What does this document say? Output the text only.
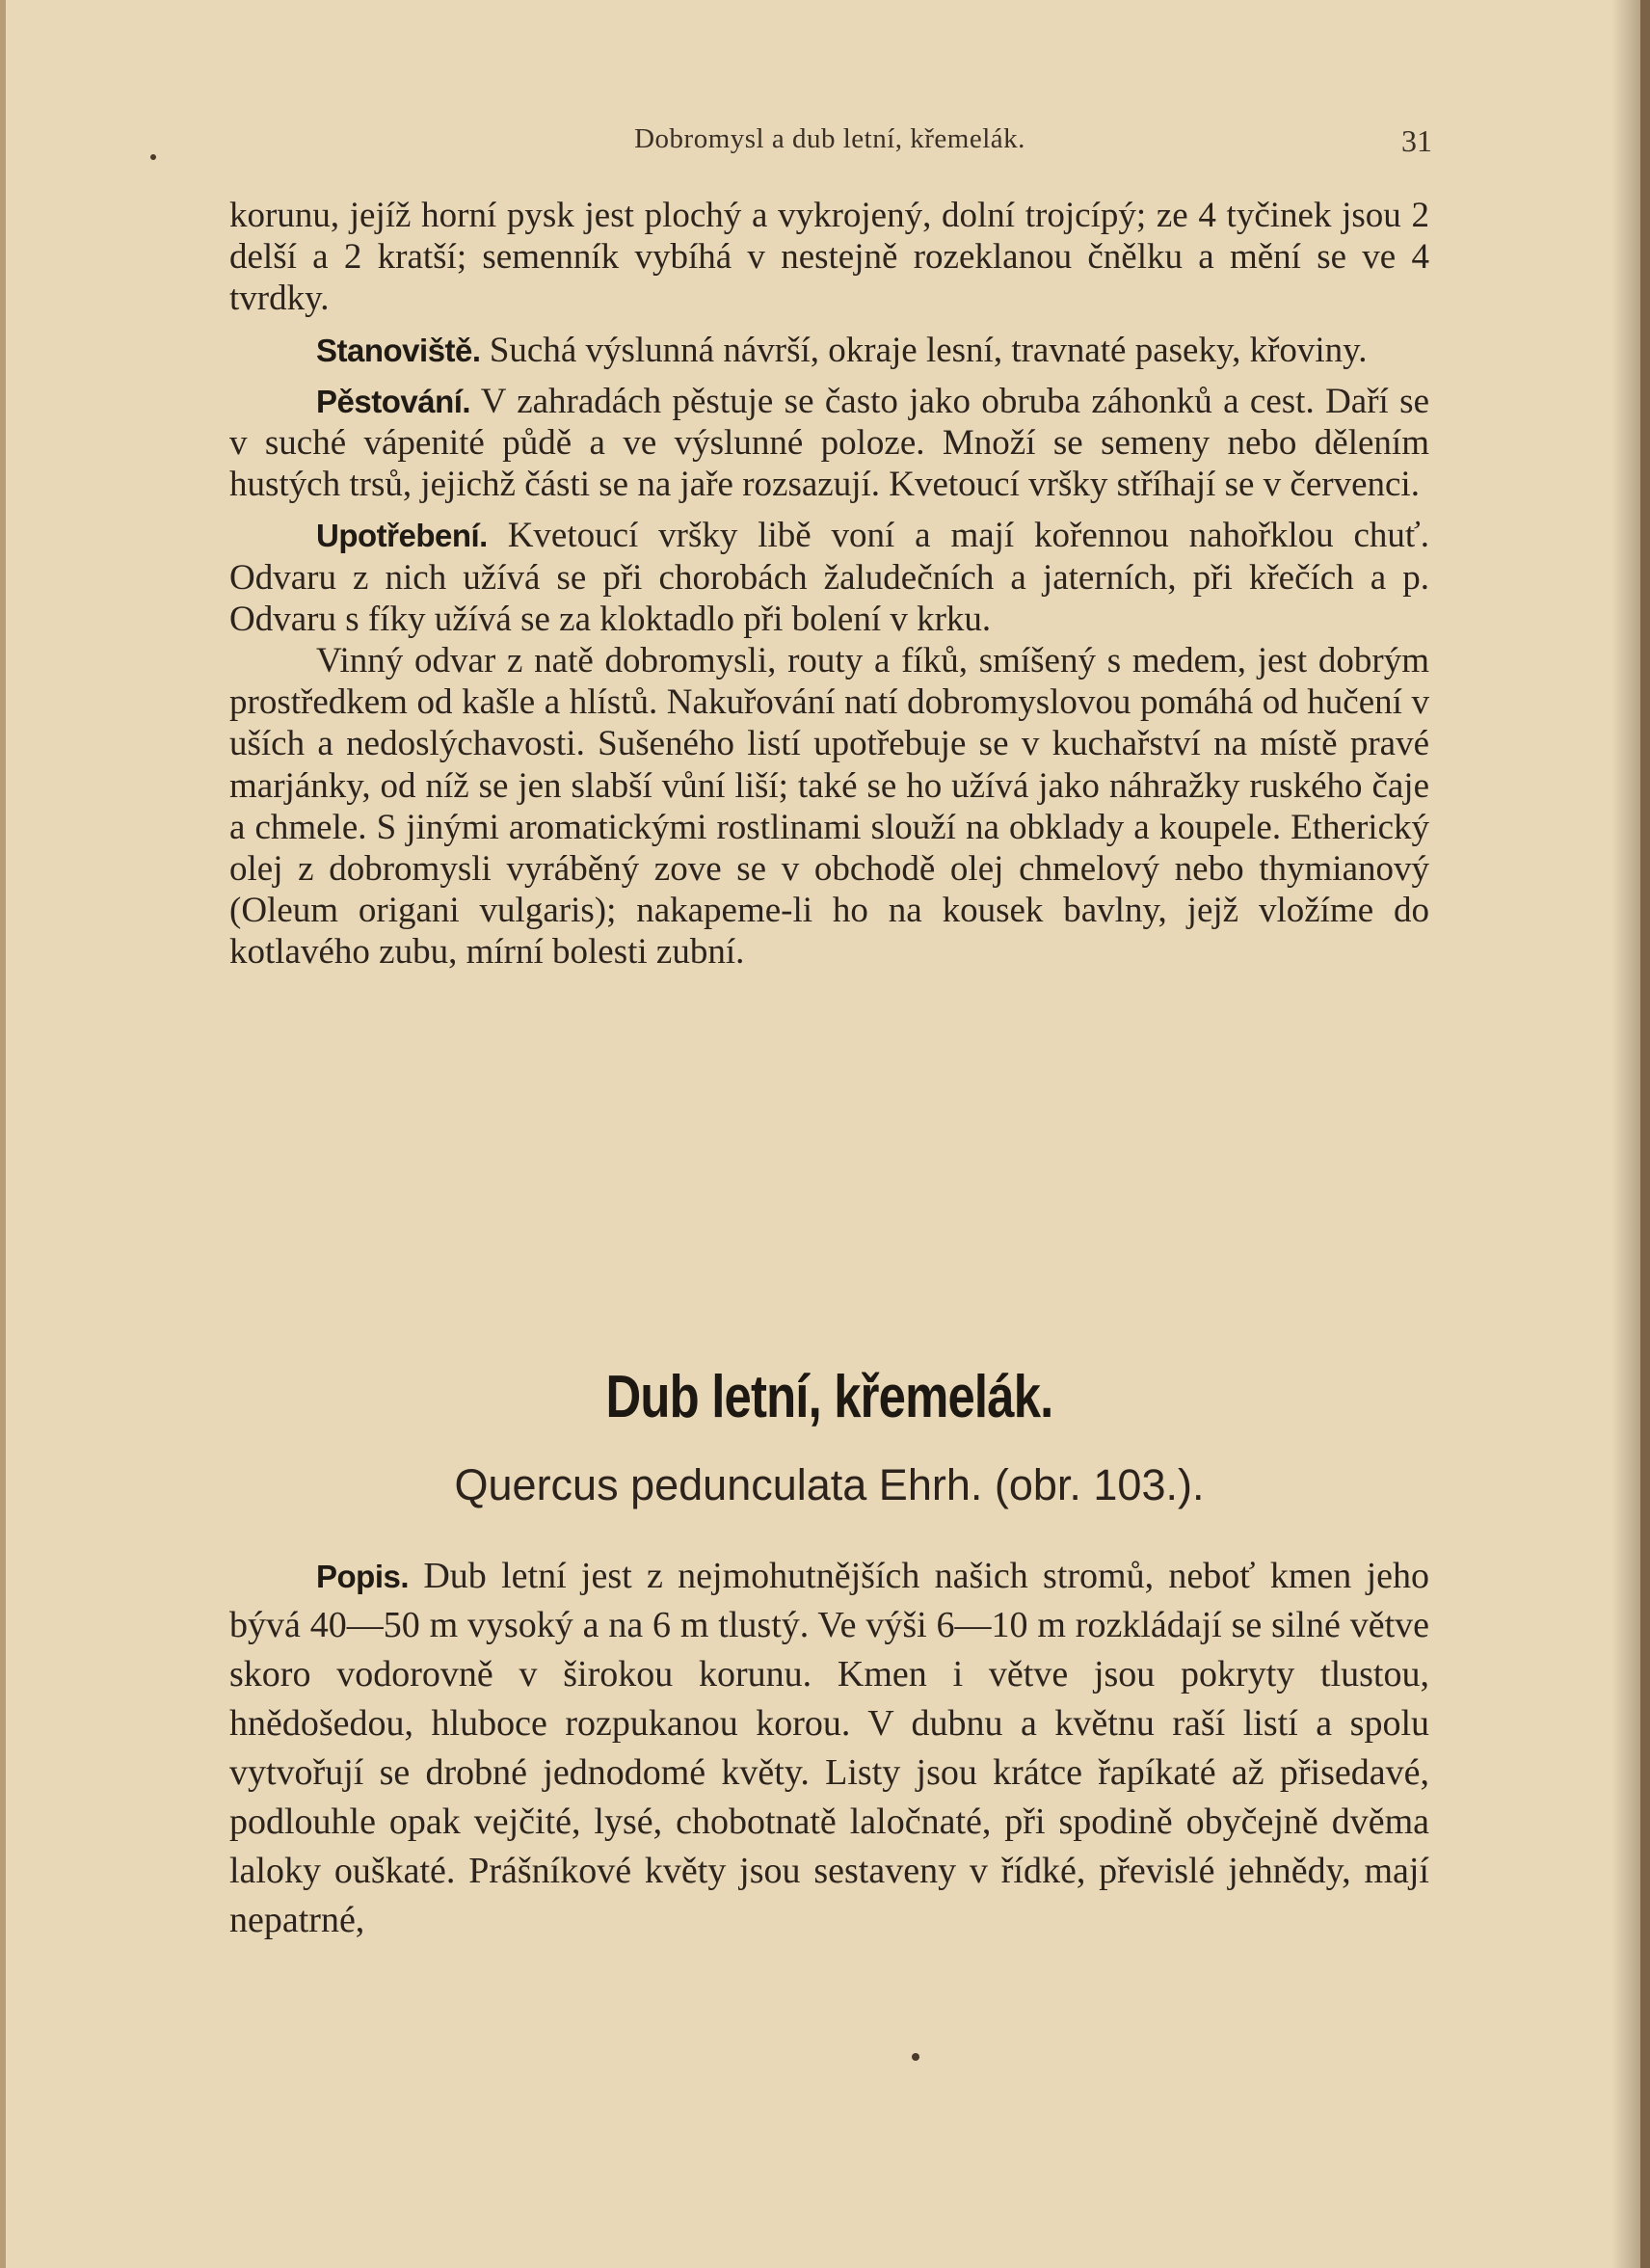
Dobromysl a dub letní, křemelák.	31

korunu, jejíž horní pysk jest plochý a vykrojený, dolní trojcípý; ze 4 tyčinek jsou 2 delší a 2 kratší; semenník vybíhá v nestejně rozeklanou čnělku a mění se ve 4 tvrdky.

Stanoviště. Suchá výslunná návrší, okraje lesní, travnaté paseky, křoviny.

Pěstování. V zahradách pěstuje se často jako obruba záhonků a cest. Daří se v suché vápenité půdě a ve výslunné poloze. Množí se semeny nebo dělením hustých trsů, jejichž části se na jaře rozsazují. Kvetoucí vršky stříhají se v červenci.

Upotřebení. Kvetoucí vršky libě voní a mají kořennou nahořklou chuť. Odvaru z nich užívá se při chorobách žaludečních a jaterních, při křečích a p. Odvaru s fíky užívá se za kloktadlo při bolení v krku.

Vinný odvar z natě dobromysli, routy a fíků, smíšený s medem, jest dobrým prostředkem od kašle a hlístů. Nakuřování natí dobromyslovou pomáhá od hučení v uších a nedoslýchavosti. Sušeného listí upotřebuje se v kuchařství na místě pravé marjánky, od níž se jen slabší vůní liší; také se ho užívá jako náhražky ruského čaje a chmele. S jinými aromatickými rostlinami slouží na obklady a koupele. Etherický olej z dobromysli vyráběný zove se v obchodě olej chmelový nebo thymianový (Oleum origani vulgaris); nakapeme-li ho na kousek bavlny, jejž vložíme do kotlavého zubu, mírní bolesti zubní.

Dub letní, křemelák.
Quercus pedunculata Ehrh. (obr. 103.).

Popis. Dub letní jest z nejmohutnějších našich stromů, neboť kmen jeho bývá 40—50 m vysoký a na 6 m tlustý. Ve výši 6—10 m rozkládají se silné větve skoro vodorovně v širokou korunu. Kmen i větve jsou pokryty tlustou, hnědošedou, hluboce rozpukanou korou. V dubnu a květnu raší listí a spolu vytvořují se drobné jednodomé květy. Listy jsou krátce řapíkaté až přisedavé, podlouhle opak vejčité, lysé, chobotnatě laločnaté, při spodině obyčejně dvěma laloky ouškaté. Prášníkové květy jsou sestaveny v řídké, převislé jehnědy, mají nepatrné,
